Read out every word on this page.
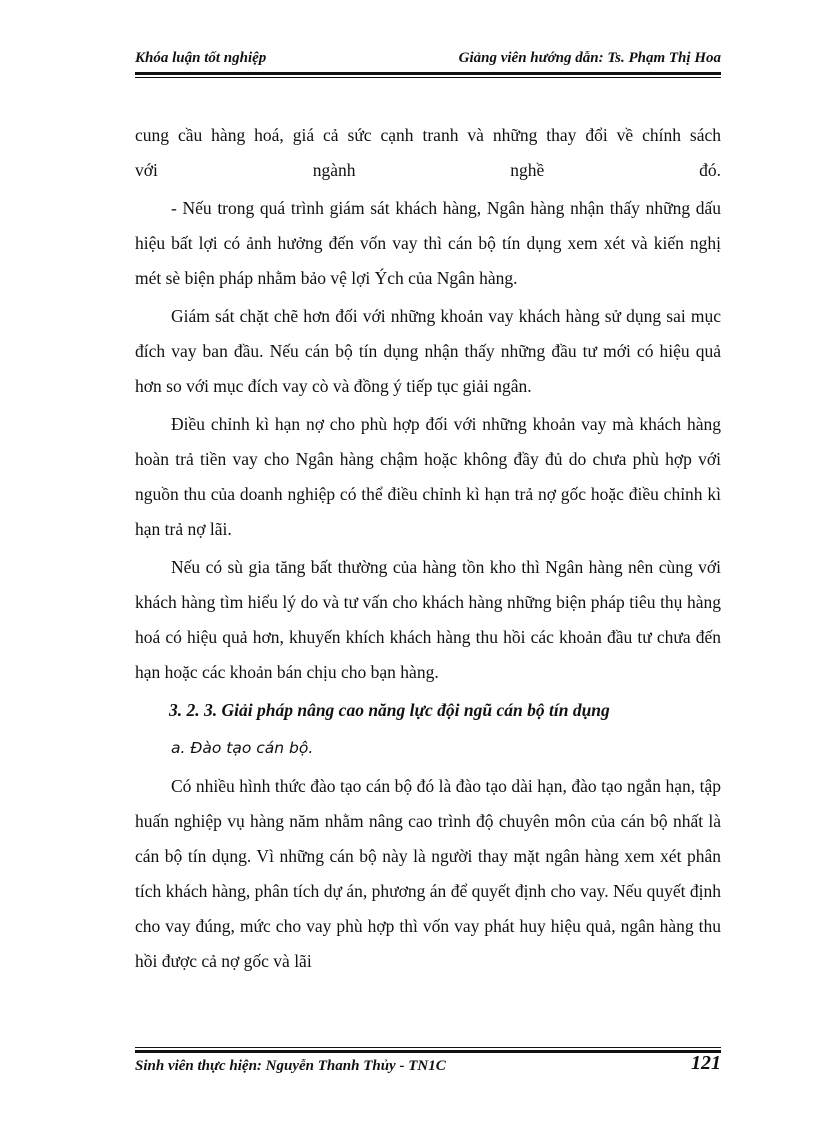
Khóa luận tốt nghiệp	Giảng viên hướng dẫn: Ts. Phạm Thị Hoa

cung cầu hàng hoá, giá cả sức cạnh tranh và những thay đổi về chính sách

với ngành nghề đó.

- Nếu trong quá trình giám sát khách hàng, Ngân hàng nhận thấy những dấu hiệu bất lợi có ảnh hưởng đến vốn vay thì cán bộ tín dụng xem xét và kiến nghị mét sè biện pháp nhằm bảo vệ lợi Ých của Ngân hàng.

Giám sát chặt chẽ hơn đối với những khoản vay khách hàng sử dụng sai mục đích vay ban đầu. Nếu cán bộ tín dụng nhận thấy những đầu tư mới có hiệu quả hơn so với mục đích vay cò và đồng ý tiếp tục giải ngân.

Điều chỉnh kì hạn nợ cho phù hợp đối với những khoản vay mà khách hàng hoàn trả tiền vay cho Ngân hàng chậm hoặc không đầy đủ do chưa phù hợp với nguồn thu của doanh nghiệp có thể điều chỉnh kì hạn trả nợ gốc hoặc điều chỉnh kì hạn trả nợ lãi.

Nếu có sù gia tăng bất thường của hàng tồn kho thì Ngân hàng nên cùng với khách hàng tìm hiểu lý do và tư vấn cho khách hàng những biện pháp tiêu thụ hàng hoá có hiệu quả hơn, khuyến khích khách hàng thu hồi các khoản đầu tư chưa đến hạn hoặc các khoản bán chịu cho bạn hàng.

3. 2. 3. Giải pháp nâng cao năng lực đội ngũ cán bộ tín dụng
a. Đào tạo cán bộ.

Có nhiều hình thức đào tạo cán bộ đó là đào tạo dài hạn, đào tạo ngắn hạn, tập huấn nghiệp vụ hàng năm nhằm nâng cao trình độ chuyên môn của cán bộ nhất là cán bộ tín dụng. Vì những cán bộ này là người thay mặt ngân hàng xem xét phân tích khách hàng, phân tích dự án, phương án để quyết định cho vay. Nếu quyết định cho vay đúng, mức cho vay phù hợp thì vốn vay phát huy hiệu quả, ngân hàng thu hồi được cả nợ gốc và lãi

Sinh viên thực hiện: Nguyễn Thanh Thủy - TN1C	121
